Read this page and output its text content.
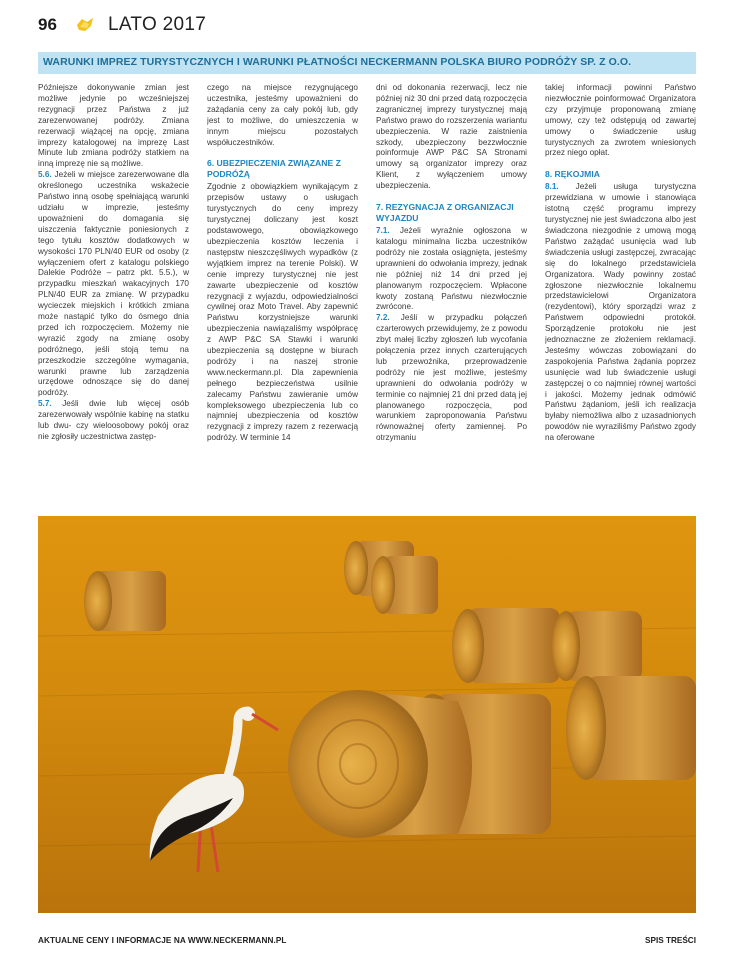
96	LATO 2017
WARUNKI IMPREZ TURYSTYCZNYCH I WARUNKI PŁATNOŚCI NECKERMANN POLSKA BIURO PODRÓŻY SP. Z O.O.

Późniejsze dokonywanie zmian jest możliwe jedynie po wcześniejszej rezygnacji przez Państwa z już zarezerwowanej podróży. Zmiana rezerwacji wiążącej na opcję, zmiana imprezy katalogowej na imprezę Last Minute lub zmiana podróży statkiem na inną imprezę nie są możliwe.

5.6. Jeżeli w miejsce zarezerwowane dla określonego uczestnika wskażecie Państwo inną osobę spełniającą warunki udziału w imprezie, jesteśmy upoważnieni do domagania się uiszczenia faktycznie poniesionych z tego tytułu kosztów dodatkowych w wysokości 170 PLN/40 EUR od osoby (z wyłączeniem ofert z katalogu polskiego Dalekie Podróże – patrz pkt. 5.5.), w przypadku mieszkań wakacyjnych 170 PLN/40 EUR za zmianę. W przypadku wycieczek miejskich i krótkich zmiana może nastąpić tylko do ósmego dnia przed ich rozpoczęciem. Możemy nie wyrazić zgody na zmianę osoby podróżnego, jeśli stoją temu na przeszkodzie szczególne wymagania, warunki prawne lub zarządzenia urzędowe odnoszące się do danej podróży.

5.7. Jeśli dwie lub więcej osób zarezerwowały wspólnie kabinę na statku lub dwu- czy wieloosobowy pokój oraz nie zgłosiły uczestnictwa zastęp-

czego na miejsce rezygnującego uczestnika, jesteśmy upoważnieni do zażądania ceny za cały pokój lub, gdy jest to możliwe, do umieszczenia w innym miejscu pozostałych współuczestników.

6. UBEZPIECZENIA ZWIĄZANE Z PODRÓŻĄ

Zgodnie z obowiązkiem wynikającym z przepisów ustawy o usługach turystycznych do ceny imprezy turystycznej doliczany jest koszt podstawowego, obowiązkowego ubezpieczenia kosztów leczenia i następstw nieszczęśliwych wypadków (z wyjątkiem imprez na terenie Polski). W cenie imprezy turystycznej nie jest zawarte ubezpieczenie od kosztów rezygnacji z wyjazdu, odpowiedzialności cywilnej oraz Moto Travel. Aby zapewnić Państwu korzystniejsze warunki ubezpieczenia nawiązaliśmy współpracę z AWP P&C SA Stawki i warunki ubezpieczenia są dostępne w biurach podróży i na naszej stronie www.neckermann.pl. Dla zapewnienia pełnego bezpieczeństwa usilnie zalecamy Państwu zawieranie umów kompleksowego ubezpieczenia lub co najmniej ubezpieczenia od kosztów rezygnacji z imprezy razem z rezerwacją podróży. W terminie 14

dni od dokonania rezerwacji, lecz nie później niż 30 dni przed datą rozpoczęcia zagranicznej imprezy turystycznej mają Państwo prawo do rozszerzenia wariantu ubezpieczenia. W razie zaistnienia szkody, ubezpieczony bezzwłocznie poinformuje AWP P&C SA Stronami umowy są organizator imprezy oraz Klient, z wyłączeniem umowy ubezpieczenia.

7. REZYGNACJA Z ORGANIZACJI WYJAZDU

7.1. Jeżeli wyraźnie ogłoszona w katalogu minimalna liczba uczestników podróży nie została osiągnięta, jesteśmy uprawnieni do odwołania imprezy, jednak nie później niż 14 dni przed jej planowanym rozpoczęciem. Wpłacone kwoty zostaną Państwu niezwłocznie zwrócone.

7.2. Jeśli w przypadku połączeń czarterowych przewidujemy, że z powodu zbyt małej liczby zgłoszeń lub wycofania połączenia przez innych czarterujących lub przewoźnika, przeprowadzenie podróży nie jest możliwe, jesteśmy uprawnieni do odwołania podróży w terminie co najmniej 21 dni przed datą jej planowanego rozpoczęcia, pod warunkiem zaproponowania Państwu równoważnej oferty zamiennej. Po otrzymaniu

takiej informacji powinni Państwo niezwłocznie poinformować Organizatora czy przyjmuje proponowaną zmianę umowy, czy też odstępują od zawartej umowy o świadczenie usług turystycznych za zwrotem wniesionych przez niego opłat.

8. RĘKOJMIA

8.1. Jeżeli usługa turystyczna przewidziana w umowie i stanowiąca istotną część programu imprezy turystycznej nie jest świadczona albo jest świadczona niezgodnie z umową mogą Państwo zażądać usunięcia wad lub świadczenia usługi zastępczej, zwracając się do lokalnego przedstawiciela Organizatora. Wady powinny zostać zgłoszone niezwłocznie lokalnemu przedstawicielowi Organizatora (rezydentowi), który sporządzi wraz z Państwem odpowiedni protokół. Sporządzenie protokołu nie jest jednoznaczne ze złożeniem reklamacji. Jesteśmy wówczas zobowiązani do zaspokojenia Państwa żądania poprzez usunięcie wad lub świadczenie usługi zastępczej o co najmniej równej wartości i jakości. Możemy jednak odmówić Państwu żądaniom, jeśli ich realizacja byłaby niemożliwa albo z uzasadnionych powodów nie wyraziliśmy Państwo zgody na oferowane

AKTUALNE CENY I INFORMACJE NA WWW.NECKERMANN.PL	SPIS TREŚCI
